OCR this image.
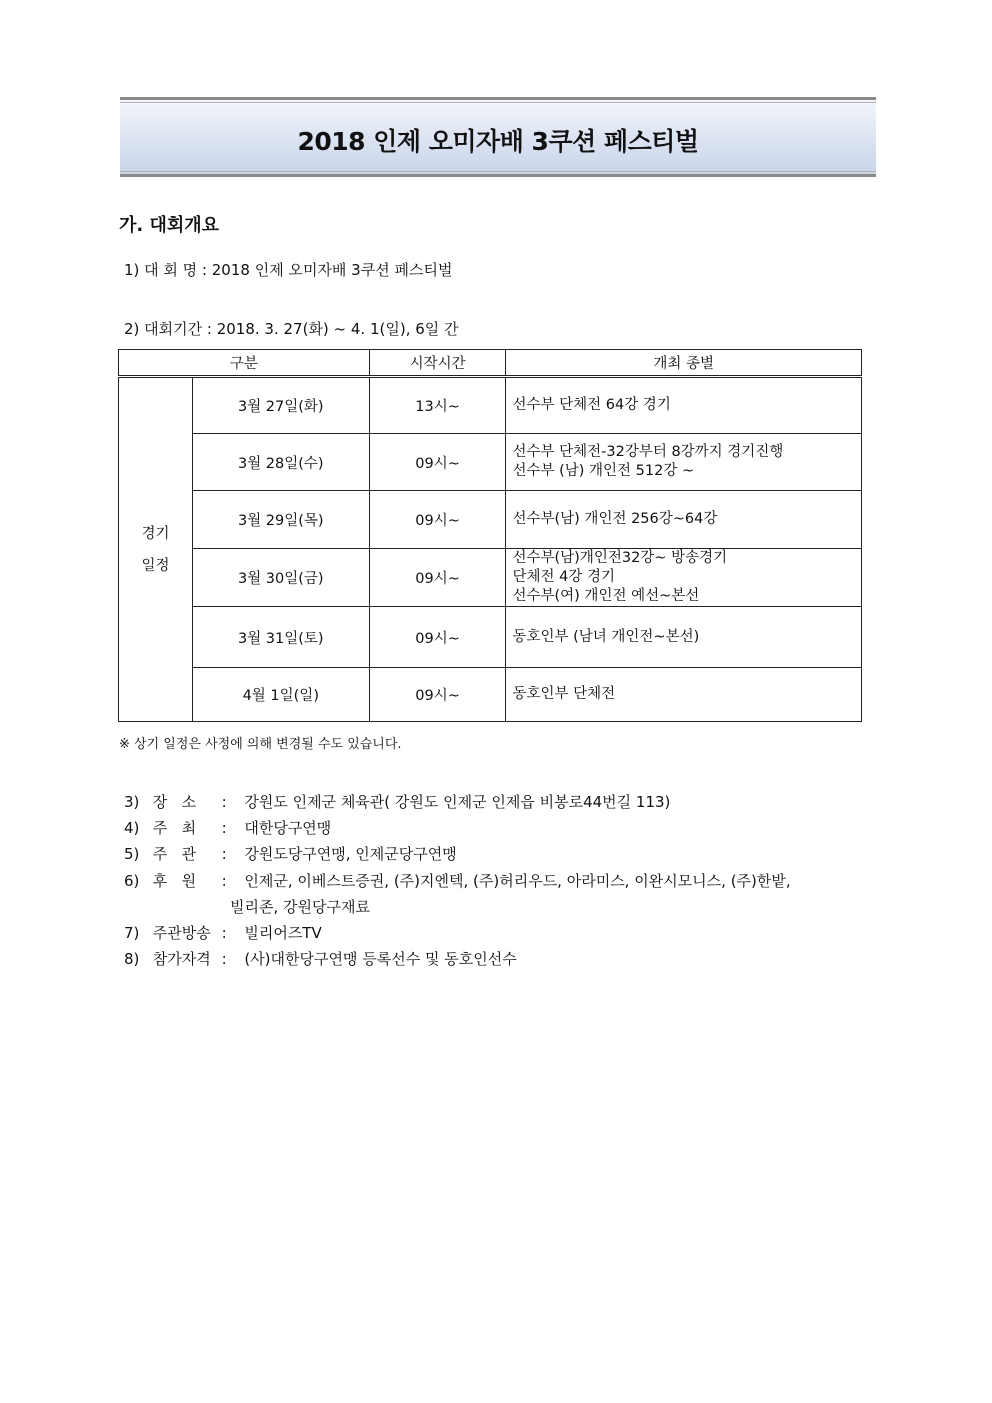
2018 인제 오미자배 3쿠션 페스티벌
가. 대회개요
1) 대 회 명 : 2018 인제 오미자배 3쿠션 페스티벌
2) 대회기간 : 2018. 3. 27(화) ~ 4. 1(일), 6일 간
구분		시작시간	개최 종별

경기
일정	3월 27일(화)	13시~	선수부 단체전 64강 경기

	3월 28일(수)	09시~	선수부 단체전-32강부터 8강까지 경기진행
선수부 (남) 개인전 512강 ~

	3월 29일(목)	09시~	선수부(남) 개인전 256강~64강

	3월 30일(금)	09시~	선수부(남)개인전32강~ 방송경기
단체전 4강 경기
선수부(여) 개인전 예선~본선

	3월 31일(토)	09시~	동호인부 (남녀 개인전~본선)

	4월 1일(일)	09시~	동호인부 단체전
※ 상기 일정은 사정에 의해 변경될 수도 있습니다.
3) 장   소 : 강원도 인제군 체육관( 강원도 인제군 인제읍 비봉로44번길 113)
4) 주   최 : 대한당구연맹
5) 주   관 : 강원도당구연맹, 인제군당구연맹
6) 후   원 : 인제군, 이베스트증권, (주)지엔텍, (주)허리우드, 아라미스, 이완시모니스, (주)한밭,
빌리존, 강원당구재료
7) 주관방송 : 빌리어즈TV
8) 참가자격 : (사)대한당구연맹 등록선수 및 동호인선수
